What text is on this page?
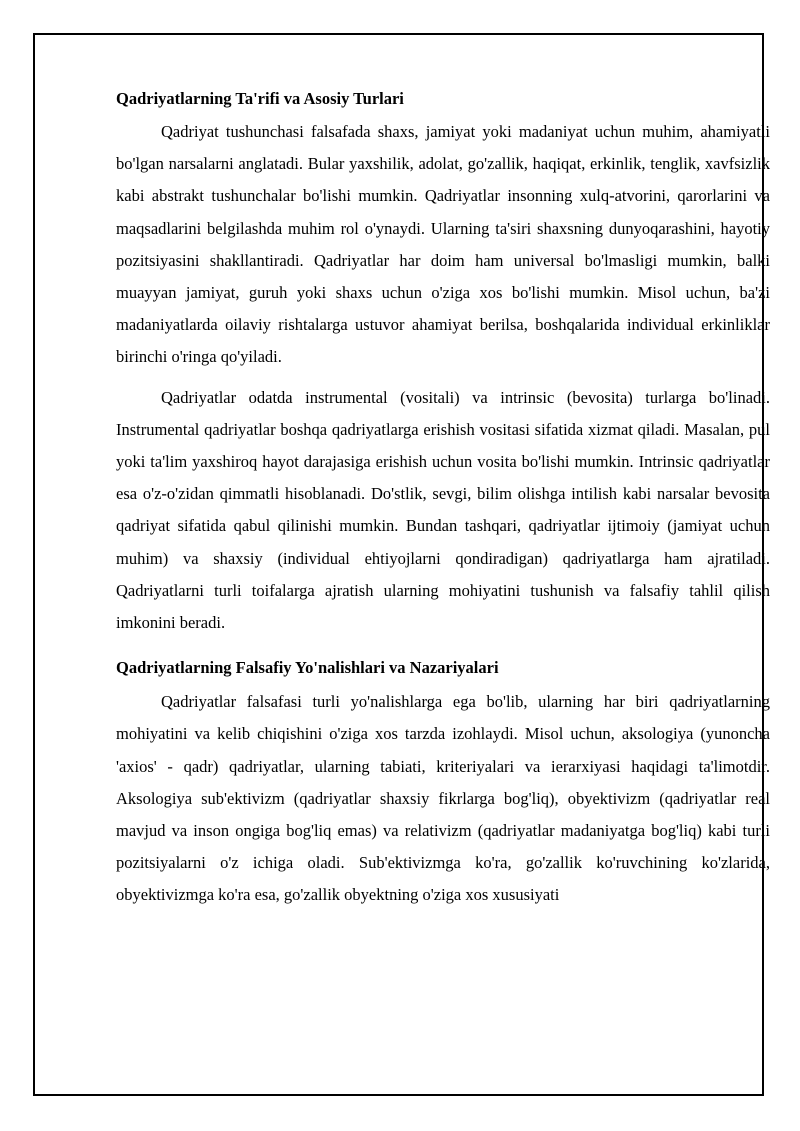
Qadriyatlarning Ta'rifi va Asosiy Turlari

Qadriyat tushunchasi falsafada shaxs, jamiyat yoki madaniyat uchun muhim, ahamiyatli bo'lgan narsalarni anglatadi. Bular yaxshilik, adolat, go'zallik, haqiqat, erkinlik, tenglik, xavfsizlik kabi abstrakt tushunchalar bo'lishi mumkin. Qadriyatlar insonning xulq-atvorini, qarorlarini va maqsadlarini belgilashda muhim rol o'ynaydi. Ularning ta'siri shaxsning dunyoqarashini, hayotiy pozitsiyasini shakllantiradi. Qadriyatlar har doim ham universal bo'lmasligi mumkin, balki muayyan jamiyat, guruh yoki shaxs uchun o'ziga xos bo'lishi mumkin. Misol uchun, ba'zi madaniyatlarda oilaviy rishtalarga ustuvor ahamiyat berilsa, boshqalarida individual erkinliklar birinchi o'ringa qo'yiladi.

Qadriyatlar odatda instrumental (vositali) va intrinsic (bevosita) turlarga bo'linadi. Instrumental qadriyatlar boshqa qadriyatlarga erishish vositasi sifatida xizmat qiladi. Masalan, pul yoki ta'lim yaxshiroq hayot darajasiga erishish uchun vosita bo'lishi mumkin. Intrinsic qadriyatlar esa o'z-o'zidan qimmatli hisoblanadi. Do'stlik, sevgi, bilim olishga intilish kabi narsalar bevosita qadriyat sifatida qabul qilinishi mumkin. Bundan tashqari, qadriyatlar ijtimoiy (jamiyat uchun muhim) va shaxsiy (individual ehtiyojlarni qondiradigan) qadriyatlarga ham ajratiladi. Qadriyatlarni turli toifalarga ajratish ularning mohiyatini tushunish va falsafiy tahlil qilish imkonini beradi.

Qadriyatlarning Falsafiy Yo'nalishlari va Nazariyalari

Qadriyatlar falsafasi turli yo'nalishlarga ega bo'lib, ularning har biri qadriyatlarning mohiyatini va kelib chiqishini o'ziga xos tarzda izohlaydi. Misol uchun, aksologiya (yunoncha 'axios' - qadr) qadriyatlar, ularning tabiati, kriteriyalari va ierarxiyasi haqidagi ta'limotdir. Aksologiya sub'ektivizm (qadriyatlar shaxsiy fikrlarga bog'liq), obyektivizm (qadriyatlar real mavjud va inson ongiga bog'liq emas) va relativizm (qadriyatlar madaniyatga bog'liq) kabi turli pozitsiyalarni o'z ichiga oladi. Sub'ektivizmga ko'ra, go'zallik ko'ruvchining ko'zlarida, obyektivizmga ko'ra esa, go'zallik obyektning o'ziga xos xususiyati
